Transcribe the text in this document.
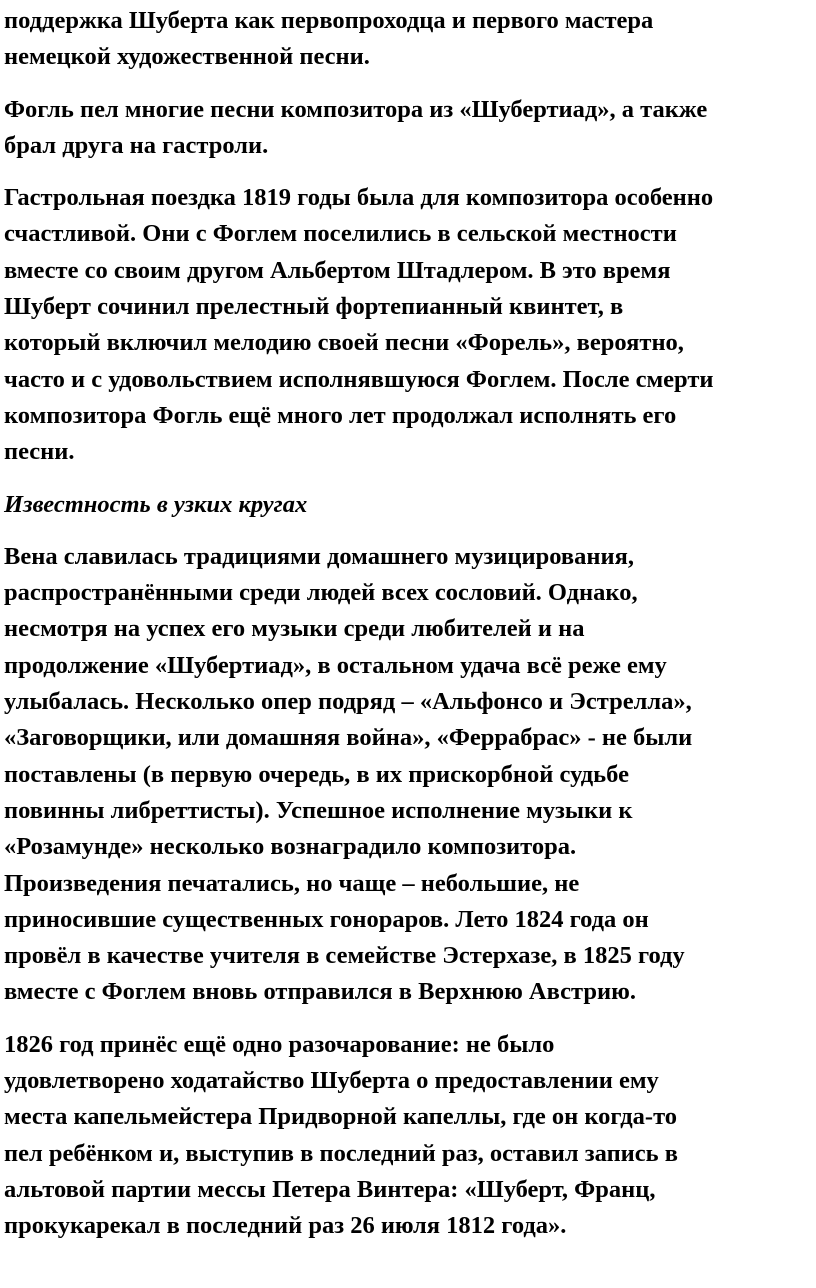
поддержка Шуберта как первопроходца и первого мастера
немецкой художественной песни.

Фогль пел многие песни композитора из «Шубертиад», а также
брал друга на гастроли.

Гастрольная поездка 1819 годы была для композитора особенно
счастливой. Они с Фоглем поселились в сельской местности
вместе со своим другом Альбертом Штадлером. В это время
Шуберт сочинил прелестный фортепианный квинтет, в
который включил мелодию своей песни «Форель», вероятно,
часто и с удовольствием исполнявшуюся Фоглем. После смерти
композитора Фогль ещё много лет продолжал исполнять его
песни.

Известность в узких кругах

Вена славилась традициями домашнего музицирования,
распространёнными среди людей всех сословий. Однако,
несмотря на успех его музыки среди любителей и на
продолжение «Шубертиад», в остальном удача всё реже ему
улыбалась. Несколько опер подряд – «Альфонсо и Эстрелла»,
«Заговорщики, или домашняя война», «Феррабрас» - не были
поставлены (в первую очередь, в их прискорбной судьбе
повинны либреттисты). Успешное исполнение музыки к
«Розамунде» несколько вознаградило композитора.
Произведения печатались, но чаще – небольшие, не
приносившие существенных гонораров. Лето 1824 года он
провёл в качестве учителя в семействе Эстерхазе, в 1825 году
вместе с Фоглем вновь отправился в Верхнюю Австрию.

1826 год принёс ещё одно разочарование: не было
удовлетворено ходатайство Шуберта о предоставлении ему
места капельмейстера Придворной капеллы, где он когда-то
пел ребёнком и, выступив в последний раз, оставил запись в
альтовой партии мессы Петера Винтера: «Шуберт, Франц,
прокукарекал в последний раз 26 июля 1812 года».
